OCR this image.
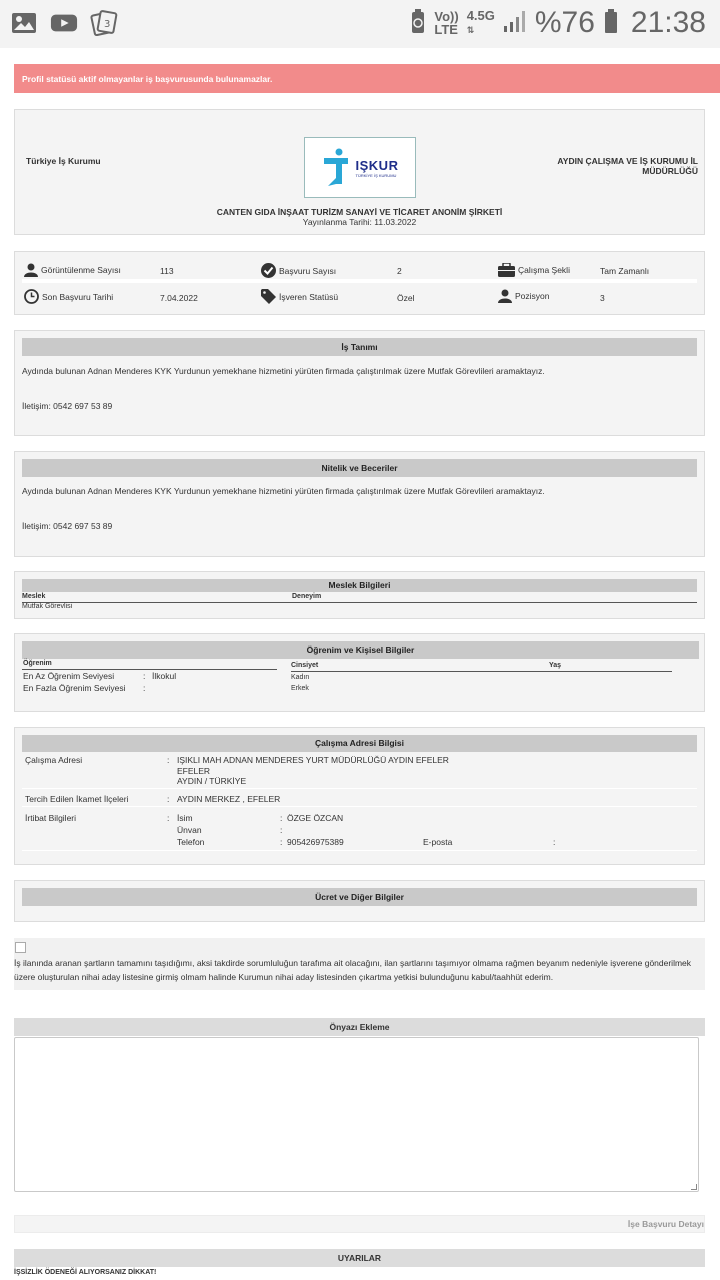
3
Vo))
LTE
4.5G
⇅	%76 21:38
Profil statüsü aktif olmayanlar iş başvurusunda bulunamazlar.
Türkiye İş Kurumu	IŞKUR
TÜRKİYE İŞ KURUMU
AYDIN ÇALIŞMA VE İŞ KURUMU İL MÜDÜRLÜĞÜ
CANTEN GIDA İNŞAAT TURİZM SANAYİ VE TİCARET ANONİM ŞİRKETİ
Yayınlanma Tarihi: 11.03.2022
Görüntülenme Sayısı	113	Başvuru Sayısı	2	Çalışma Şekli	Tam Zamanlı
Son Başvuru Tarihi	7.04.2022	İşveren Statüsü	Özel	Pozisyon	3
İş Tanımı
Aydında bulunan Adnan Menderes KYK Yurdunun yemekhane hizmetini yürüten firmada çalıştırılmak üzere Mutfak Görevlileri aramaktayız.
İletişim: 0542 697 53 89
Nitelik ve Beceriler
Aydında bulunan Adnan Menderes KYK Yurdunun yemekhane hizmetini yürüten firmada çalıştırılmak üzere Mutfak Görevlileri aramaktayız.
İletişim: 0542 697 53 89
Meslek Bilgileri
Meslek	Deneyim
Mutfak Görevlisi
Öğrenim ve Kişisel Bilgiler
Öğrenim
En Az Öğrenim Seviyesi	: İlkokul
En Fazla Öğrenim Seviyesi :
Cinsiyet	Yaş
Kadın
Erkek
Çalışma Adresi Bilgisi
Çalışma Adresi	: IŞIKLI MAH ADNAN MENDERES YURT MÜDÜRLÜĞÜ AYDIN EFELER
EFELER
AYDIN / TÜRKİYE
Tercih Edilen İkamet İlçeleri	: AYDIN MERKEZ , EFELER
İrtibat Bilgileri	: İsim	: ÖZGE ÖZCAN
Ünvan	:
Telefon	: 905426975389	E-posta	:
Ücret ve Diğer Bilgiler
İş ilanında aranan şartların tamamını taşıdığımı, aksi takdirde sorumluluğun tarafıma ait olacağını, ilan şartlarını taşımıyor olmama rağmen beyanım nedeniyle işverene gönderilmek üzere oluşturulan nihai aday listesine girmiş olmam halinde Kurumun nihai aday listesinden çıkartma yetkisi bulunduğunu kabul/taahhüt ederim.
Önyazı Ekleme
İşe Başvuru Detayı
UYARILAR
İŞSİZLİK ÖDENEĞİ ALIYORSANIZ DİKKAT!
